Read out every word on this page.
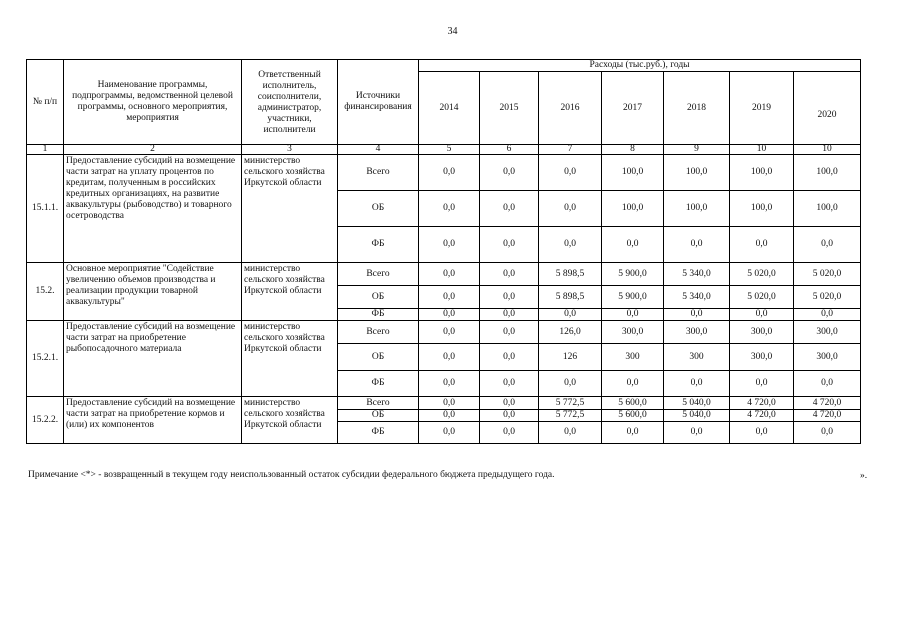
34
№ п/п	Наименование программы, подпрограммы, ведомственной целевой программы, основного мероприятия, мероприятия	Ответственный исполнитель, соисполнители, администратор, участники, исполнители	Источники финансирования	Расходы (тыс.руб.), годы						
				2014	2015	2016	2017	2018	2019	2020
1	2	3	4	5	6	7	8	9	10	10
15.1.1.	Предоставление субсидий на возмещение части затрат на уплату процентов по кредитам, полученным в российских кредитных организациях, на развитие аквакультуры (рыбоводство) и товарного осетроводства	министерство сельского хозяйства Иркутской области	Всего	0,0	0,0	0,0	100,0	100,0	100,0	100,0
			ОБ	0,0	0,0	0,0	100,0	100,0	100,0	100,0
			ФБ	0,0	0,0	0,0	0,0	0,0	0,0	0,0
15.2.	Основное мероприятие "Содействие увеличению объемов производства и реализации продукции товарной аквакультуры"	министерство сельского хозяйства Иркутской области	Всего	0,0	0,0	5 898,5	5 900,0	5 340,0	5 020,0	5 020,0
			ОБ	0,0	0,0	5 898,5	5 900,0	5 340,0	5 020,0	5 020,0
			ФБ	0,0	0,0	0,0	0,0	0,0	0,0	0,0
15.2.1.	Предоставление субсидий на возмещение части затрат на приобретение рыбопосадочного материала	министерство сельского хозяйства Иркутской области	Всего	0,0	0,0	126,0	300,0	300,0	300,0	300,0
			ОБ	0,0	0,0	126	300	300	300,0	300,0
			ФБ	0,0	0,0	0,0	0,0	0,0	0,0	0,0
15.2.2.	Предоставление субсидий на возмещение части затрат на приобретение кормов и (или) их компонентов	министерство сельского хозяйства Иркутской области	Всего	0,0	0,0	5 772,5	5 600,0	5 040,0	4 720,0	4 720,0
			ОБ	0,0	0,0	5 772,5	5 600,0	5 040,0	4 720,0	4 720,0
			ФБ	0,0	0,0	0,0	0,0	0,0	0,0	0,0
Примечание <*> - возвращенный в текущем году неиспользованный остаток субсидии федерального бюджета предыдущего года.	».
